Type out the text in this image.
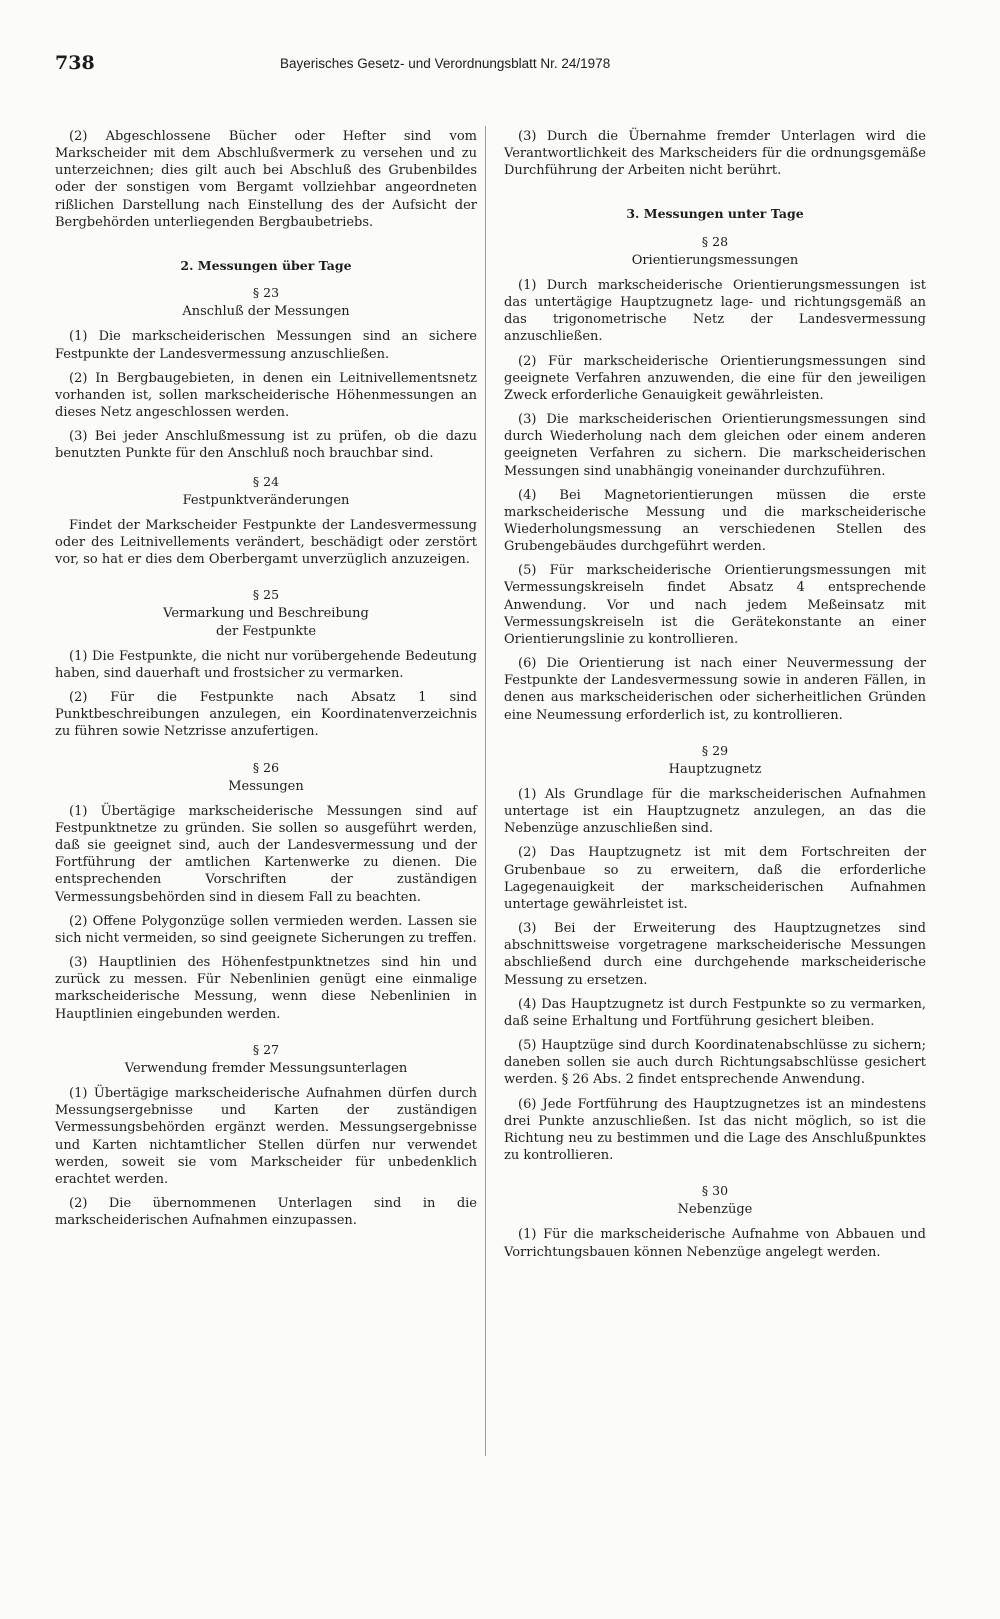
738	Bayerisches Gesetz- und Verordnungsblatt Nr. 24/1978

(2) Abgeschlossene Bücher oder Hefter sind vom Markscheider mit dem Abschlußvermerk zu versehen und zu unterzeichnen; dies gilt auch bei Abschluß des Grubenbildes oder der sonstigen vom Bergamt vollziehbar angeordneten rißlichen Darstellung nach Einstellung des der Aufsicht der Bergbehörden unterliegenden Bergbaubetriebs.

2. Messungen über Tage
§ 23
Anschluß der Messungen

(1) Die markscheiderischen Messungen sind an sichere Festpunkte der Landesvermessung anzuschließen.

(2) In Bergbaugebieten, in denen ein Leitnivellementsnetz vorhanden ist, sollen markscheiderische Höhenmessungen an dieses Netz angeschlossen werden.

(3) Bei jeder Anschlußmessung ist zu prüfen, ob die dazu benutzten Punkte für den Anschluß noch brauchbar sind.

§ 24
Festpunktveränderungen

Findet der Markscheider Festpunkte der Landesvermessung oder des Leitnivellements verändert, beschädigt oder zerstört vor, so hat er dies dem Oberbergamt unverzüglich anzuzeigen.

§ 25
Vermarkung und Beschreibung
der Festpunkte

(1) Die Festpunkte, die nicht nur vorübergehende Bedeutung haben, sind dauerhaft und frostsicher zu vermarken.

(2) Für die Festpunkte nach Absatz 1 sind Punktbeschreibungen anzulegen, ein Koordinatenverzeichnis zu führen sowie Netzrisse anzufertigen.

§ 26
Messungen

(1) Übertägige markscheiderische Messungen sind auf Festpunktnetze zu gründen. Sie sollen so ausgeführt werden, daß sie geeignet sind, auch der Landesvermessung und der Fortführung der amtlichen Kartenwerke zu dienen. Die entsprechenden Vorschriften der zuständigen Vermessungsbehörden sind in diesem Fall zu beachten.

(2) Offene Polygonzüge sollen vermieden werden. Lassen sie sich nicht vermeiden, so sind geeignete Sicherungen zu treffen.

(3) Hauptlinien des Höhenfestpunktnetzes sind hin und zurück zu messen. Für Nebenlinien genügt eine einmalige markscheiderische Messung, wenn diese Nebenlinien in Hauptlinien eingebunden werden.

§ 27
Verwendung fremder Messungsunterlagen

(1) Übertägige markscheiderische Aufnahmen dürfen durch Messungsergebnisse und Karten der zuständigen Vermessungsbehörden ergänzt werden. Messungsergebnisse und Karten nichtamtlicher Stellen dürfen nur verwendet werden, soweit sie vom Markscheider für unbedenklich erachtet werden.

(2) Die übernommenen Unterlagen sind in die markscheiderischen Aufnahmen einzupassen.

(3) Durch die Übernahme fremder Unterlagen wird die Verantwortlichkeit des Markscheiders für die ordnungsgemäße Durchführung der Arbeiten nicht berührt.

3. Messungen unter Tage
§ 28
Orientierungsmessungen

(1) Durch markscheiderische Orientierungsmessungen ist das untertägige Hauptzugnetz lage- und richtungsgemäß an das trigonometrische Netz der Landesvermessung anzuschließen.

(2) Für markscheiderische Orientierungsmessungen sind geeignete Verfahren anzuwenden, die eine für den jeweiligen Zweck erforderliche Genauigkeit gewährleisten.

(3) Die markscheiderischen Orientierungsmessungen sind durch Wiederholung nach dem gleichen oder einem anderen geeigneten Verfahren zu sichern. Die markscheiderischen Messungen sind unabhängig voneinander durchzuführen.

(4) Bei Magnetorientierungen müssen die erste markscheiderische Messung und die markscheiderische Wiederholungsmessung an verschiedenen Stellen des Grubengebäudes durchgeführt werden.

(5) Für markscheiderische Orientierungsmessungen mit Vermessungskreiseln findet Absatz 4 entsprechende Anwendung. Vor und nach jedem Meßeinsatz mit Vermessungskreiseln ist die Gerätekonstante an einer Orientierungslinie zu kontrollieren.

(6) Die Orientierung ist nach einer Neuvermessung der Festpunkte der Landesvermessung sowie in anderen Fällen, in denen aus markscheiderischen oder sicherheitlichen Gründen eine Neumessung erforderlich ist, zu kontrollieren.

§ 29
Hauptzugnetz

(1) Als Grundlage für die markscheiderischen Aufnahmen untertage ist ein Hauptzugnetz anzulegen, an das die Nebenzüge anzuschließen sind.

(2) Das Hauptzugnetz ist mit dem Fortschreiten der Grubenbaue so zu erweitern, daß die erforderliche Lagegenauigkeit der markscheiderischen Aufnahmen untertage gewährleistet ist.

(3) Bei der Erweiterung des Hauptzugnetzes sind abschnittsweise vorgetragene markscheiderische Messungen abschließend durch eine durchgehende markscheiderische Messung zu ersetzen.

(4) Das Hauptzugnetz ist durch Festpunkte so zu vermarken, daß seine Erhaltung und Fortführung gesichert bleiben.

(5) Hauptzüge sind durch Koordinatenabschlüsse zu sichern; daneben sollen sie auch durch Richtungsabschlüsse gesichert werden. § 26 Abs. 2 findet entsprechende Anwendung.

(6) Jede Fortführung des Hauptzugnetzes ist an mindestens drei Punkte anzuschließen. Ist das nicht möglich, so ist die Richtung neu zu bestimmen und die Lage des Anschlußpunktes zu kontrollieren.

§ 30
Nebenzüge

(1) Für die markscheiderische Aufnahme von Abbauen und Vorrichtungsbauen können Nebenzüge angelegt werden.
